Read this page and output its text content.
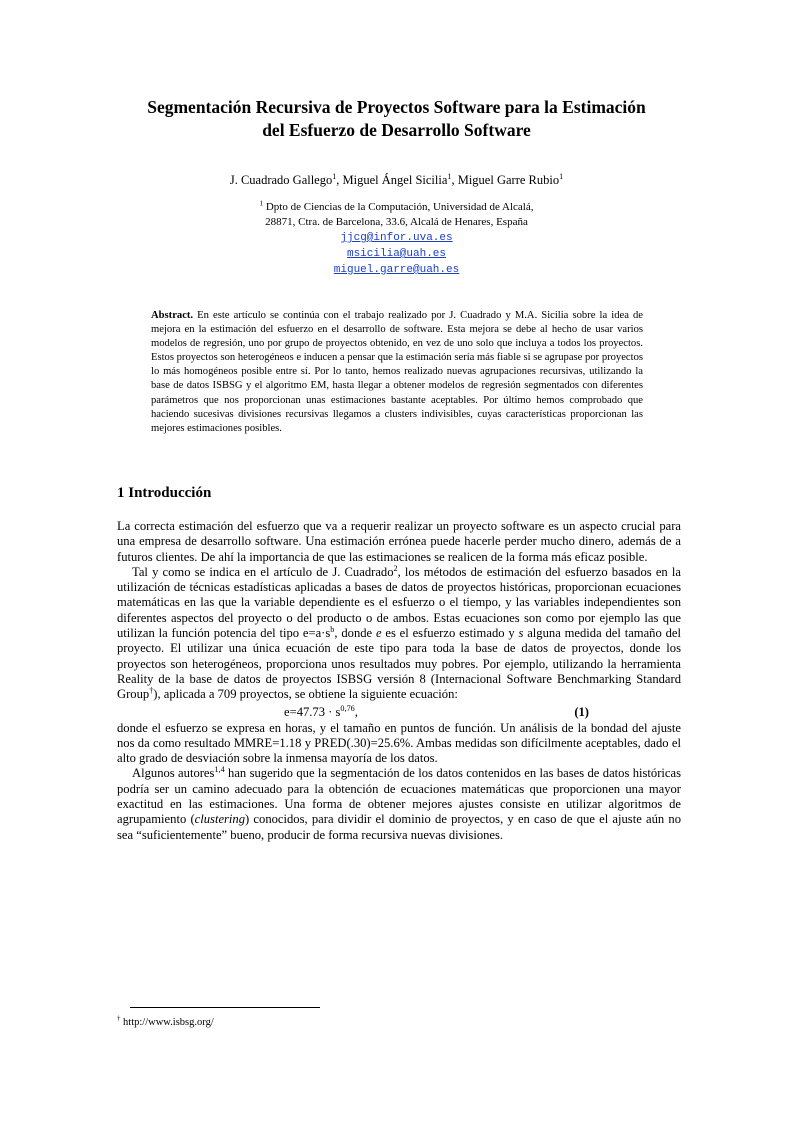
Segmentación Recursiva de Proyectos Software para la Estimación
del Esfuerzo de Desarrollo Software
J. Cuadrado Gallego$^1$, Miguel Ángel Sicilia$^1$, Miguel Garre Rubio$^1$
$^1$ Dpto de Ciencias de la Computación, Universidad de Alcalá,
28871, Ctra. de Barcelona, 33.6, Alcalá de Henares, España
jjcg@infor.uva.es
msicilia@uah.es
miguel.garre@uah.es
Abstract. En este artículo se continúa con el trabajo realizado por J. Cuadrado y M.A. Sicilia sobre la idea de mejora en la estimación del esfuerzo en el desarrollo de software. Esta mejora se debe al hecho de usar varios modelos de regresión, uno por grupo de proyectos obtenido, en vez de uno solo que incluya a todos los proyectos. Estos proyectos son heterogéneos e inducen a pensar que la estimación sería más fiable si se agrupase por proyectos lo más homogéneos posible entre sí. Por lo tanto, hemos realizado nuevas agrupaciones recursivas, utilizando la base de datos ISBSG y el algoritmo EM, hasta llegar a obtener modelos de regresión segmentados con diferentes parámetros que nos proporcionan unas estimaciones bastante aceptables. Por último hemos comprobado que haciendo sucesivas divisiones recursivas llegamos a clusters indivisibles, cuyas características proporcionan las mejores estimaciones posibles.
1 Introducción

La correcta estimación del esfuerzo que va a requerir realizar un proyecto software es un aspecto crucial para una empresa de desarrollo software. Una estimación errónea puede hacerle perder mucho dinero, además de a futuros clientes. De ahí la importancia de que las estimaciones se realicen de la forma más eficaz posible.

Tal y como se indica en el artículo de J. Cuadrado$^2$, los métodos de estimación del esfuerzo basados en la utilización de técnicas estadísticas aplicadas a bases de datos de proyectos históricas, proporcionan ecuaciones matemáticas en las que la variable dependiente es el esfuerzo o el tiempo, y las variables independientes son diferentes aspectos del proyecto o del producto o de ambos. Estas ecuaciones son como por ejemplo las que utilizan la función potencia del tipo $e=a\cdot s^b$, donde e es el esfuerzo estimado y s alguna medida del tamaño del proyecto. El utilizar una única ecuación de este tipo para toda la base de datos de proyectos, donde los proyectos son heterogéneos, proporciona unos resultados muy pobres. Por ejemplo, utilizando la herramienta Reality de la base de datos de proyectos ISBSG versión 8 (Internacional Software Benchmarking Standard Group†), aplicada a 709 proyectos, se obtiene la siguiente ecuación:

$e=47.73 \cdot s^{0,76}$,	(1)

donde el esfuerzo se expresa en horas, y el tamaño en puntos de función. Un análisis de la bondad del ajuste nos da como resultado MMRE=1.18 y PRED(.30)=25.6%. Ambas medidas son difícilmente aceptables, dado el alto grado de desviación sobre la inmensa mayoría de los datos.

Algunos autores$^{1,4}$ han sugerido que la segmentación de los datos contenidos en las bases de datos históricas podría ser un camino adecuado para la obtención de ecuaciones matemáticas que proporcionen una mayor exactitud en las estimaciones. Una forma de obtener mejores ajustes consiste en utilizar algoritmos de agrupamiento (clustering) conocidos, para dividir el dominio de proyectos, y en caso de que el ajuste aún no sea “suficientemente” bueno, producir de forma recursiva nuevas divisiones.

† http://www.isbsg.org/
